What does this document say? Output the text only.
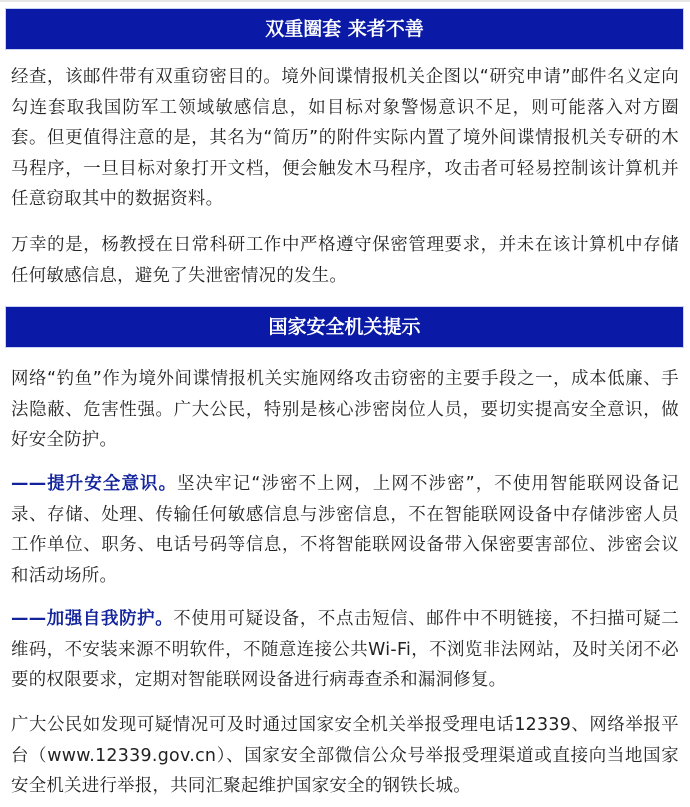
双重圈套 来者不善

经查，该邮件带有双重窃密目的。境外间谍情报机关企图以“研究申请”邮件名义定向勾连套取我国防军工领域敏感信息，如目标对象警惕意识不足，则可能落入对方圈套。但更值得注意的是，其名为“简历”的附件实际内置了境外间谍情报机关专研的木马程序，一旦目标对象打开文档，便会触发木马程序，攻击者可轻易控制该计算机并任意窃取其中的数据资料。

万幸的是，杨教授在日常科研工作中严格遵守保密管理要求，并未在该计算机中存储任何敏感信息，避免了失泄密情况的发生。

国家安全机关提示

网络“钓鱼”作为境外间谍情报机关实施网络攻击窃密的主要手段之一，成本低廉、手法隐蔽、危害性强。广大公民，特别是核心涉密岗位人员，要切实提高安全意识，做好安全防护。

——提升安全意识。坚决牢记“涉密不上网，上网不涉密”，不使用智能联网设备记录、存储、处理、传输任何敏感信息与涉密信息，不在智能联网设备中存储涉密人员工作单位、职务、电话号码等信息，不将智能联网设备带入保密要害部位、涉密会议和活动场所。

——加强自我防护。不使用可疑设备，不点击短信、邮件中不明链接，不扫描可疑二维码，不安装来源不明软件，不随意连接公共Wi-Fi，不浏览非法网站，及时关闭不必要的权限要求，定期对智能联网设备进行病毒查杀和漏洞修复。

广大公民如发现可疑情况可及时通过国家安全机关举报受理电话12339、网络举报平台（www.12339.gov.cn）、国家安全部微信公众号举报受理渠道或直接向当地国家安全机关进行举报，共同汇聚起维护国家安全的钢铁长城。
